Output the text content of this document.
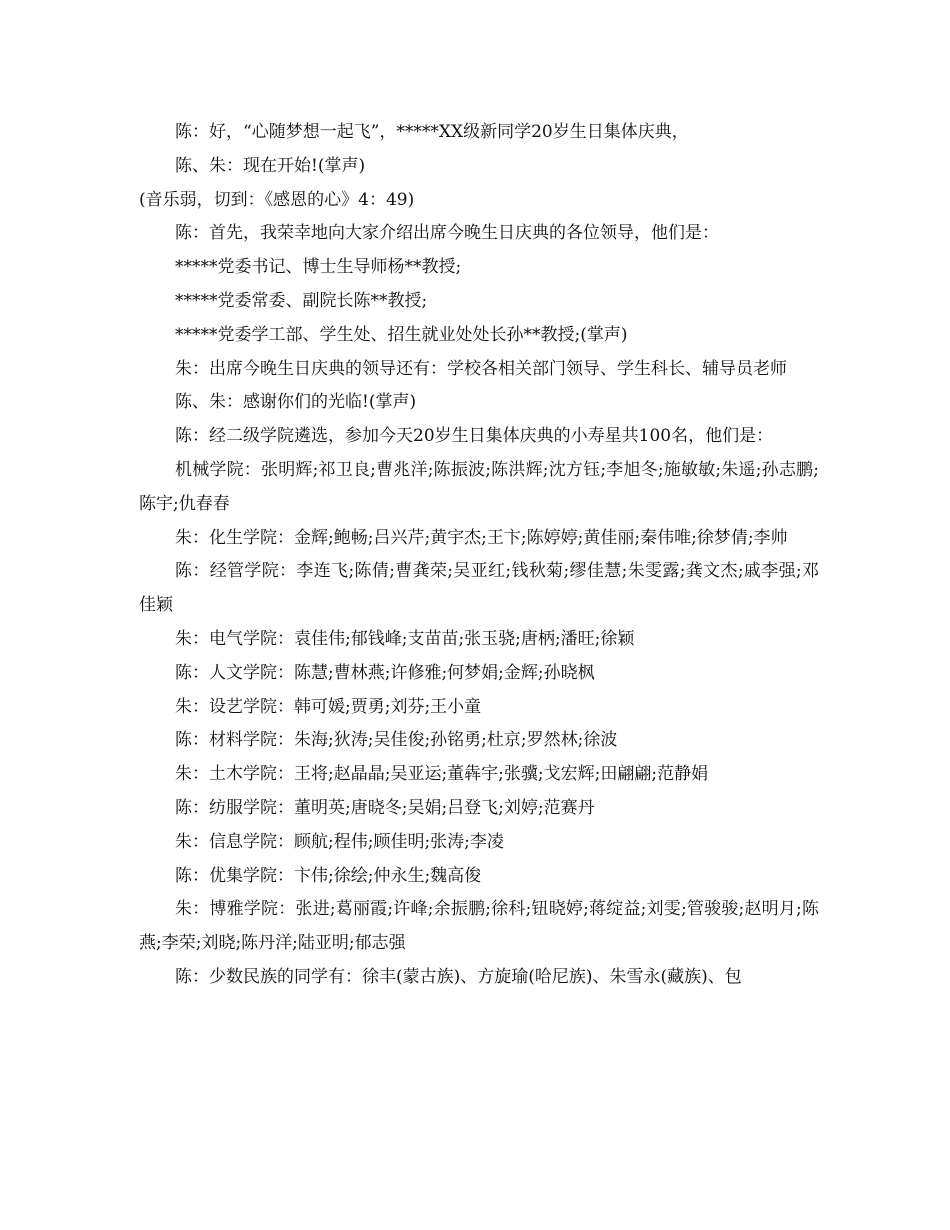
陈：好，“心随梦想一起飞”，*****XX级新同学20岁生日集体庆典，

陈、朱：现在开始!(掌声)

(音乐弱，切到：《感恩的心》4：49)

陈：首先，我荣幸地向大家介绍出席今晚生日庆典的各位领导，他们是：

*****党委书记、博士生导师杨**教授;

*****党委常委、副院长陈**教授;

*****党委学工部、学生处、招生就业处处长孙**教授;(掌声)

朱：出席今晚生日庆典的领导还有：学校各相关部门领导、学生科长、辅导员老师

陈、朱：感谢你们的光临!(掌声)

陈：经二级学院遴选，参加今天20岁生日集体庆典的小寿星共100名，他们是：

机械学院：张明辉;祁卫良;曹兆洋;陈振波;陈洪辉;沈方钰;李旭冬;施敏敏;朱遥;孙志鹏;陈宇;仇春春

朱：化生学院：金辉;鲍畅;吕兴芹;黄宇杰;王卞;陈婷婷;黄佳丽;秦伟唯;徐梦倩;李帅

陈：经管学院：李连飞;陈倩;曹龚荣;吴亚红;钱秋菊;缪佳慧;朱雯露;龚文杰;戚李强;邓佳颖

朱：电气学院：袁佳伟;郁钱峰;支苗苗;张玉骁;唐柄;潘旺;徐颖

陈：人文学院：陈慧;曹林燕;许修雅;何梦娟;金辉;孙晓枫

朱：设艺学院：韩可媛;贾勇;刘芬;王小童

陈：材料学院：朱海;狄涛;吴佳俊;孙铭勇;杜京;罗然林;徐波

朱：土木学院：王将;赵晶晶;吴亚运;董犇宇;张骥;戈宏辉;田翩翩;范静娟

陈：纺服学院：董明英;唐晓冬;吴娟;吕登飞;刘婷;范赛丹

朱：信息学院：顾航;程伟;顾佳明;张涛;李凌

陈：优集学院：卞伟;徐绘;仲永生;魏高俊

朱：博雅学院：张进;葛丽霞;许峰;余振鹏;徐科;钮晓婷;蒋绽益;刘雯;管骏骏;赵明月;陈燕;李荣;刘晓;陈丹洋;陆亚明;郁志强

陈：少数民族的同学有：徐丰(蒙古族)、方旋瑜(哈尼族)、朱雪永(藏族)、包
